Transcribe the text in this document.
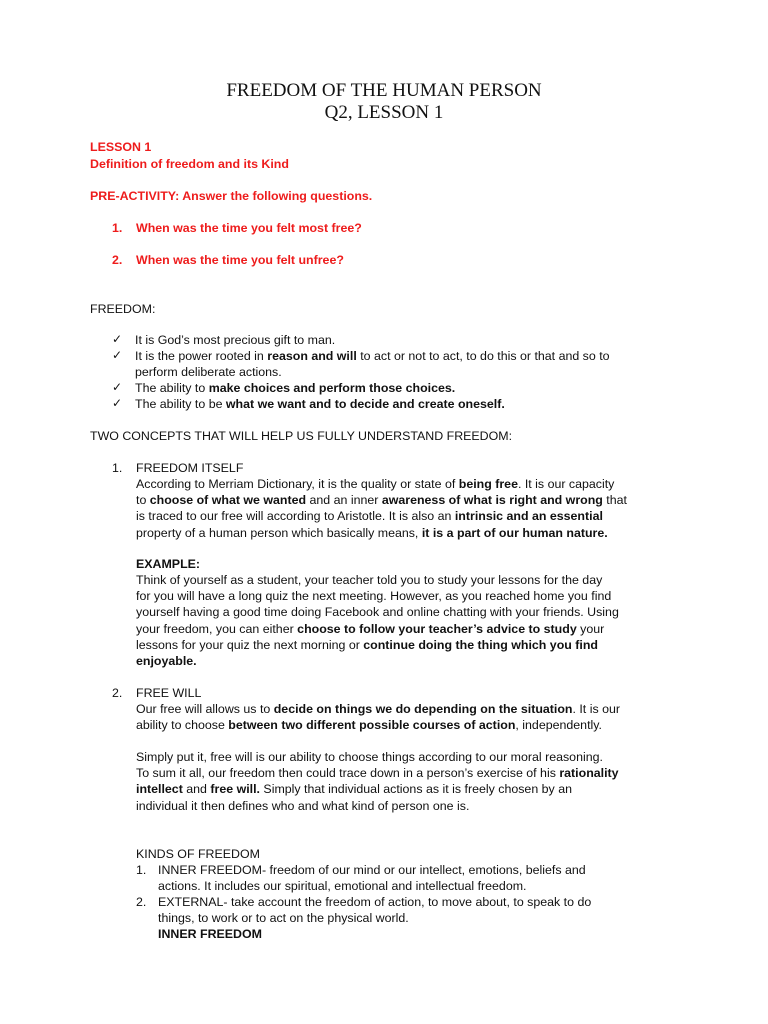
FREEDOM OF THE HUMAN PERSON
Q2, LESSON 1
LESSON 1
Definition of freedom and its Kind
PRE-ACTIVITY: Answer the following questions.
1. When was the time you felt most free?
2. When was the time you felt unfree?
FREEDOM:
✓	It is God’s most precious gift to man.
✓	It is the power rooted in reason and will to act or not to act, to do this or that and so to
perform deliberate actions.
✓	The ability to make choices and perform those choices.
✓	The ability to be what we want and to decide and create oneself.
TWO CONCEPTS THAT WILL HELP US FULLY UNDERSTAND FREEDOM:
1. FREEDOM ITSELF
According to Merriam Dictionary, it is the quality or state of being free. It is our capacity
to choose of what we wanted and an inner awareness of what is right and wrong that
is traced to our free will according to Aristotle. It is also an intrinsic and an essential
property of a human person which basically means, it is a part of our human nature.
EXAMPLE:
Think of yourself as a student, your teacher told you to study your lessons for the day
for you will have a long quiz the next meeting. However, as you reached home you find
yourself having a good time doing Facebook and online chatting with your friends. Using
your freedom, you can either choose to follow your teacher’s advice to study your
lessons for your quiz the next morning or continue doing the thing which you find
enjoyable.
2. FREE WILL
Our free will allows us to decide on things we do depending on the situation. It is our
ability to choose between two different possible courses of action, independently.
Simply put it, free will is our ability to choose things according to our moral reasoning.
To sum it all, our freedom then could trace down in a person’s exercise of his rationality
intellect and free will. Simply that individual actions as it is freely chosen by an
individual it then defines who and what kind of person one is.
KINDS OF FREEDOM
1. INNER FREEDOM- freedom of our mind or our intellect, emotions, beliefs and
actions. It includes our spiritual, emotional and intellectual freedom.
2. EXTERNAL- take account the freedom of action, to move about, to speak to do
things, to work or to act on the physical world.
INNER FREEDOM
